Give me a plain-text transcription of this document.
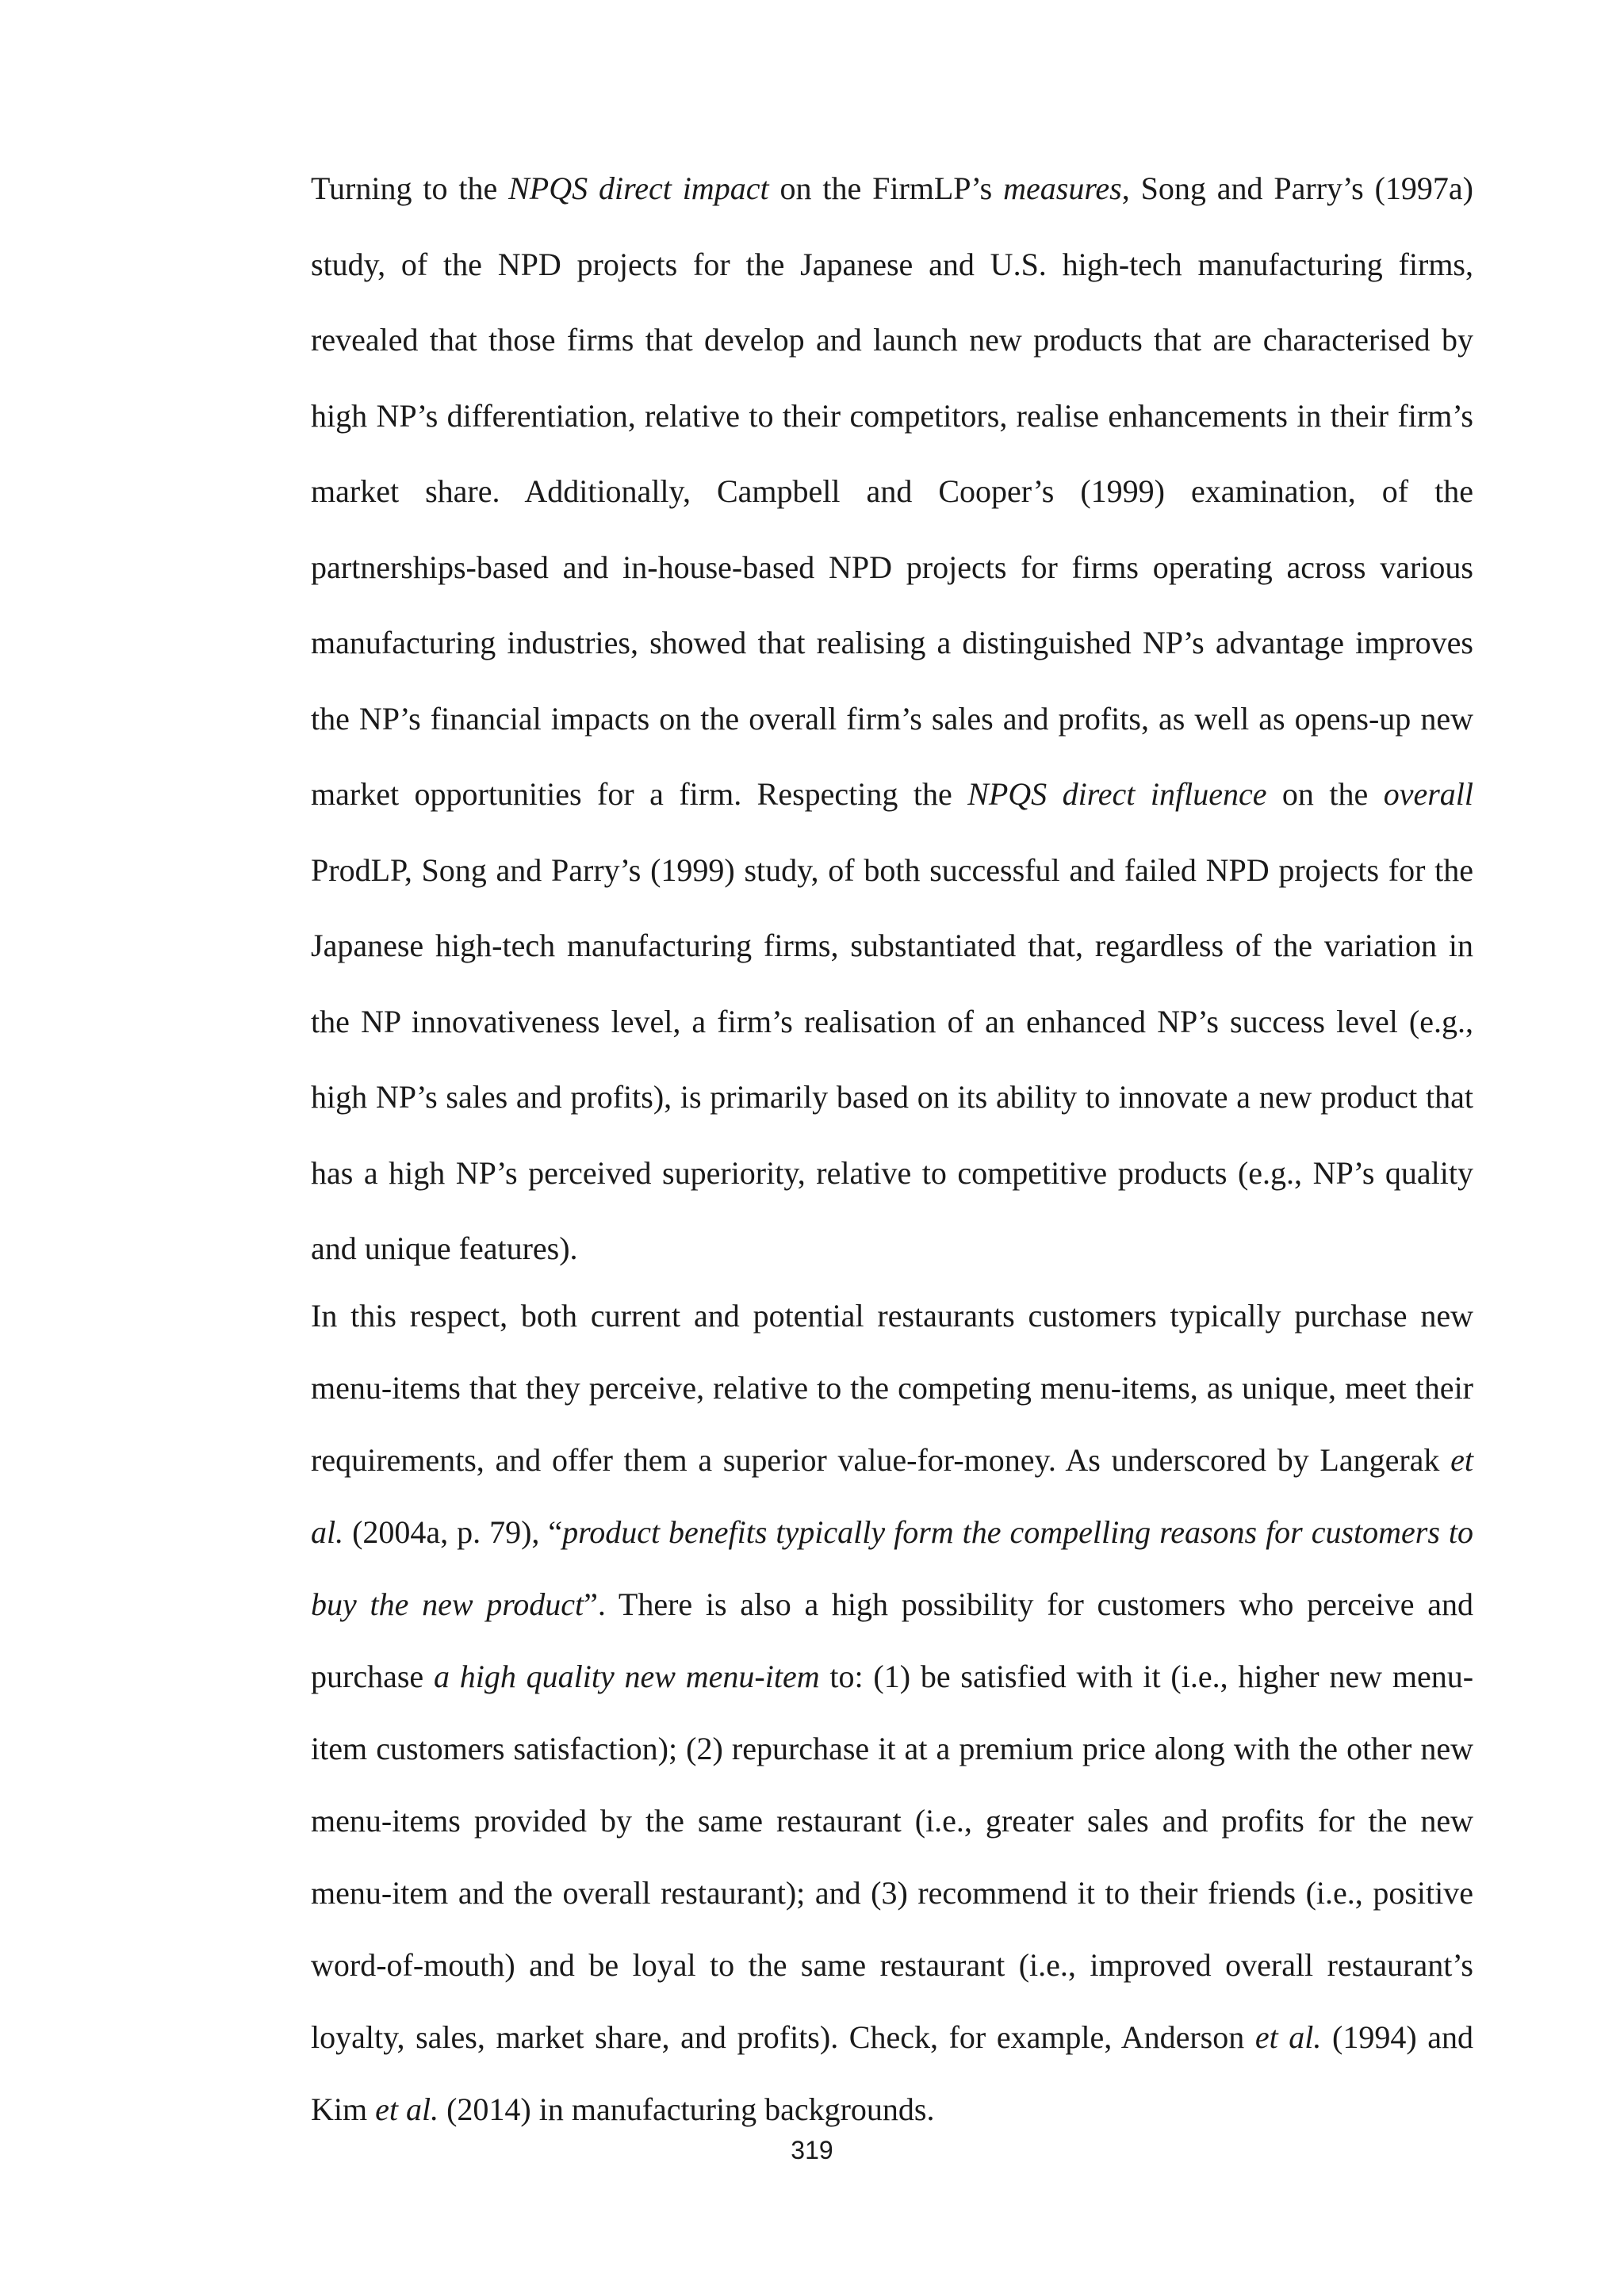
Turning to the NPQS direct impact on the FirmLP’s measures, Song and Parry’s (1997a) study, of the NPD projects for the Japanese and U.S. high-tech manufacturing firms, revealed that those firms that develop and launch new products that are characterised by high NP’s differentiation, relative to their competitors, realise enhancements in their firm’s market share. Additionally, Campbell and Cooper’s (1999) examination, of the partnerships-based and in-house-based NPD projects for firms operating across various manufacturing industries, showed that realising a distinguished NP’s advantage improves the NP’s financial impacts on the overall firm’s sales and profits, as well as opens-up new market opportunities for a firm. Respecting the NPQS direct influence on the overall ProdLP, Song and Parry’s (1999) study, of both successful and failed NPD projects for the Japanese high-tech manufacturing firms, substantiated that, regardless of the variation in the NP innovativeness level, a firm’s realisation of an enhanced NP’s success level (e.g., high NP’s sales and profits), is primarily based on its ability to innovate a new product that has a high NP’s perceived superiority, relative to competitive products (e.g., NP’s quality and unique features).

In this respect, both current and potential restaurants customers typically purchase new menu-items that they perceive, relative to the competing menu-items, as unique, meet their requirements, and offer them a superior value-for-money. As underscored by Langerak et al. (2004a, p. 79), “product benefits typically form the compelling reasons for customers to buy the new product”. There is also a high possibility for customers who perceive and purchase a high quality new menu-item to: (1) be satisfied with it (i.e., higher new menu-item customers satisfaction); (2) repurchase it at a premium price along with the other new menu-items provided by the same restaurant (i.e., greater sales and profits for the new menu-item and the overall restaurant); and (3) recommend it to their friends (i.e., positive word-of-mouth) and be loyal to the same restaurant (i.e., improved overall restaurant’s loyalty, sales, market share, and profits). Check, for example, Anderson et al. (1994) and Kim et al. (2014) in manufacturing backgrounds.

319
